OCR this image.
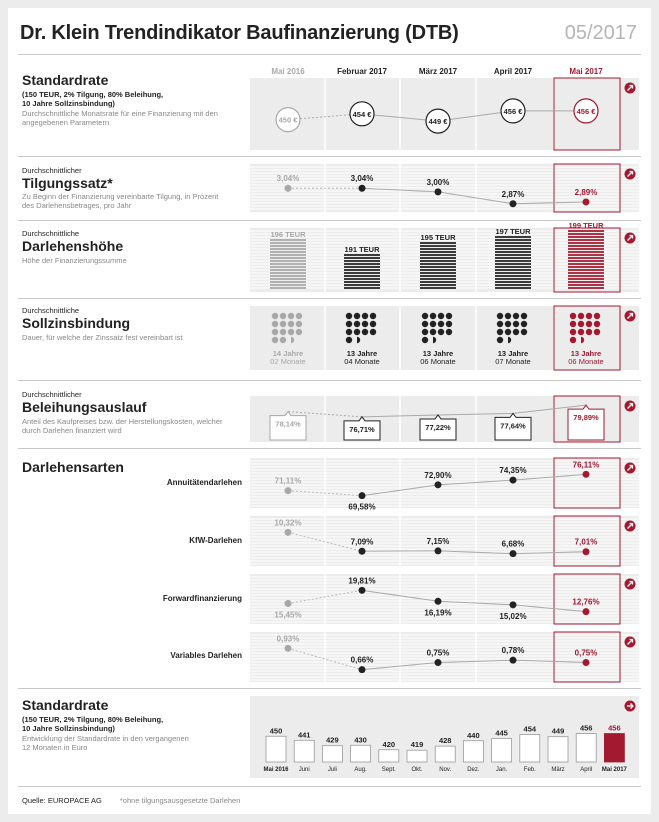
Dr. Klein Trendindikator Baufinanzierung (DTB)	05/2017
Mai 2016	Februar 2017	März 2017	April 2017	Mai 2017
Standardrate
(150 TEUR, 2% Tilgung, 80% Beleihung,
10 Jahre Sollzinsbindung)
Durchschnittliche Monatsrate für eine Finanzierung mit den angegebenen Parametern
Durchschnittlicher
Tilgungssatz*
Zu Beginn der Finanzierung vereinbarte Tilgung, in Prozent des Darlehensbetrages, pro Jahr
Durchschnittliche
Darlehenshöhe
Höhe der Finanzierungssumme
Durchschnittliche
Sollzinsbindung
Dauer, für welche der Zinssatz fest vereinbart ist
Durchschnittlicher
Beleihungsauslauf
Anteil des Kaufpreises bzw. der Herstellungskosten, welcher durch Darlehen finanziert wird
Darlehensarten
Annuitätendarlehen
KfW-Darlehen
Forwardfinanzierung
Variables Darlehen
Standardrate
(150 TEUR, 2% Tilgung, 80% Beleihung,
10 Jahre Sollzinsbindung)
Entwicklung der Standardrate in den vergangenen 12 Monaten in Euro
Quelle: EUROPACE AG *ohne tilgungsausgesetzte Darlehen
450 €
454 €
449 €
456 €	456 €
3,04%	3,04%	3,00%
2,87%	2,89%
196 TEUR
191 TEUR
195 TEUR
197 TEUR
199 TEUR
14 Jahre
02 Monate
13 Jahre
04 Monate
13 Jahre
06 Monate
13 Jahre
07 Monate
13 Jahre
06 Monate
78,14%
76,71%	77,22%	77,64%
79,89%
71,11%
69,58%
72,90%
74,35%
76,11%
10,32%
7,09%	7,15%	6,68%	7,01%
15,45%
19,81%
16,19%	15,02%
12,76%
0,93%
0,66%
0,75%	0,78%	0,75%
450
Mai 2016
441
Juni
429
Juli
430
Aug.
420
Sept.
419
Okt.
428
Nov.
440
Dez.
445
Jan.
454
Feb.
449
März
456
April
456
Mai 2017
